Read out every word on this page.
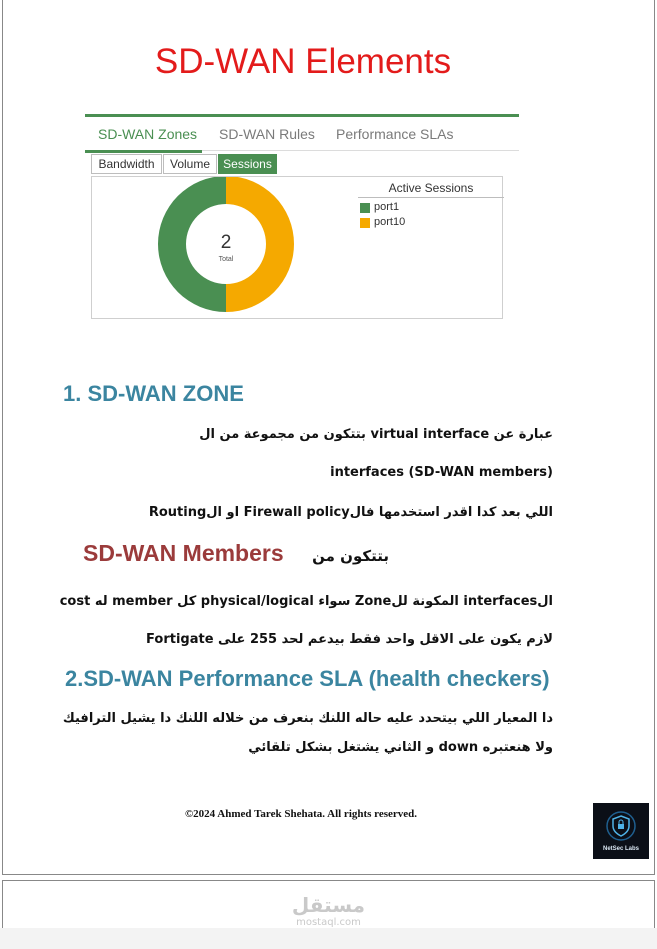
SD-WAN Elements
SD-WAN Zones SD-WAN Rules Performance SLAs
Bandwidth	Volume	Sessions
2
Total
Active Sessions
port1
port10
1. SD-WAN ZONE
عبارة عن virtual interface بتتكون من مجموعة من ال
interfaces (SD-WAN members)
اللي بعد كدا اقدر استخدمها فالFirewall policy او الRouting
SD-WAN Members بتتكون من
الinterfaces المكونة للZone سواء physical/logical كل member له cost
لازم يكون على الاقل واحد فقط بيدعم لحد 255 على Fortigate
2.SD-WAN Performance SLA (health checkers)
دا المعيار اللي بيتحدد عليه حاله اللنك بنعرف من خلاله اللنك دا يشيل الترافيك
ولا هنعتبره down و الثاني يشتغل بشكل تلقائي
©2024 Ahmed Tarek Shehata. All rights reserved.
NetSec Labs
مستقل
mostaql.com
